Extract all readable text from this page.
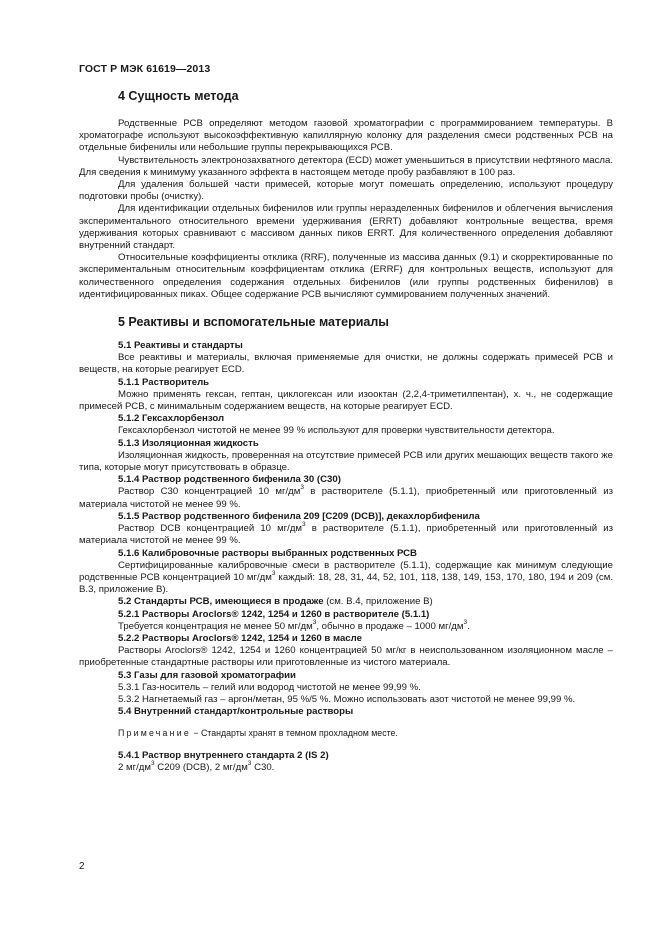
ГОСТ Р МЭК 61619—2013
4 Сущность метода

Родственные РСВ определяют методом газовой хроматографии с программированием температуры. В хроматографе используют высокоэффективную капиллярную колонку для разделения смеси родственных РСВ на отдельные бифенилы или небольшие группы перекрывающихся РСВ.

Чувствительность электронозахватного детектора (ECD) может уменьшиться в присутствии нефтяного масла. Для сведения к минимуму указанного эффекта в настоящем методе пробу разбавляют в 100 раз.

Для удаления большей части примесей, которые могут помешать определению, используют процедуру подготовки пробы (очистку).

Для идентификации отдельных бифенилов или группы неразделенных бифенилов и облегчения вычисления экспериментального относительного времени удерживания (ERRT) добавляют контрольные вещества, время удерживания которых сравнивают с массивом данных пиков ERRT. Для количественного определения добавляют внутренний стандарт.

Относительные коэффициенты отклика (RRF), полученные из массива данных (9.1) и скорректированные по экспериментальным относительным коэффициентам отклика (ERRF) для контрольных веществ, используют для количественного определения содержания отдельных бифенилов (или группы родственных бифенилов) в идентифицированных пиках. Общее содержание РСВ вычисляют суммированием полученных значений.

5 Реактивы и вспомогательные материалы
5.1 Реактивы и стандарты

Все реактивы и материалы, включая применяемые для очистки, не должны содержать примесей РСВ и веществ, на которые реагирует ECD.

5.1.1 Растворитель

Можно применять гексан, гептан, циклогексан или изооктан (2,2,4-триметилпентан), х. ч., не содержащие примесей РСВ, с минимальным содержанием веществ, на которые реагирует ECD.

5.1.2 Гексахлорбензол

Гексахлорбензол чистотой не менее 99 % используют для проверки чувствительности детектора.

5.1.3 Изоляционная жидкость

Изоляционная жидкость, проверенная на отсутствие примесей РСВ или других мешающих веществ такого же типа, которые могут присутствовать в образце.

5.1.4 Раствор родственного бифенила 30 (C30)

Раствор С30 концентрацией 10 $мг/дм^3$ в растворителе (5.1.1), приобретенный или приготовленный из материала чистотой не менее 99 %.

5.1.5 Раствор родственного бифенила 209 [C209 (DCB)], декахлорбифенила

Раствор DCB концентрацией 10 $мг/дм^3$ в растворителе (5.1.1), приобретенный или приготовленный из материала чистотой не менее 99 %.

5.1.6 Калибровочные растворы выбранных родственных РСВ

Сертифицированные калибровочные смеси в растворителе (5.1.1), содержащие как минимум следующие родственные РСВ концентрацией 10 $мг/дм^3$ каждый: 18, 28, 31, 44, 52, 101, 118, 138, 149, 153, 170, 180, 194 и 209 (см. В.3, приложение В).

5.2 Стандарты РСВ, имеющиеся в продаже (см. В.4, приложение В)
5.2.1 Растворы Aroclors® 1242, 1254 и 1260 в растворителе (5.1.1)

Требуется концентрация не менее 50 $мг/дм^3$, обычно в продаже – 1000 $мг/дм^3$.

5.2.2 Растворы Aroclors® 1242, 1254 и 1260 в масле

Растворы Aroclors® 1242, 1254 и 1260 концентрацией 50 мг/кг в неиспользованном изоляционном масле – приобретенные стандартные растворы или приготовленные из чистого материала.

5.3 Газы для газовой хроматографии

5.3.1 Газ-носитель – гелий или водород чистотой не менее 99,99 %.

5.3.2 Нагнетаемый газ – аргон/метан, 95 %/5 %. Можно использовать азот чистотой не менее 99,99 %.

5.4 Внутренний стандарт/контрольные растворы
Примечание − Стандарты хранят в темном прохладном месте.
5.4.1 Раствор внутреннего стандарта 2 (IS 2)

2 $мг/дм^3$ C209 (DCB), 2 $мг/дм^3$ C30.

2
